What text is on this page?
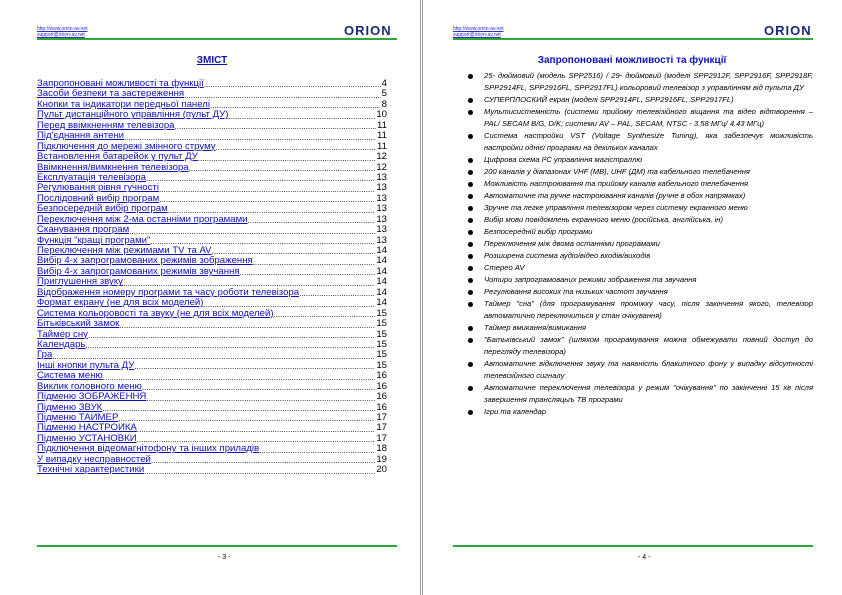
http://www.orion-av.net
support@orion-av.net	ORION
ЗМІСТ
Запропоновані можливості та функції .....	4
Засоби безпеки та застереження .....	5
Кнопки та індикатори передньої панелі .....	8
Пульт дистанційного управління (пульт ДУ) .....	10
Перед ввімкненням телевізора .....	11
Під'єднання антени .....	11
Підключення до мережі змінного струму .....	11
Встановлення батарейок у пульт ДУ .....	12
Ввімкнення/вимкнення телевізора .....	12
Експлуатація телевізора .....	13
Регулювання рівня гучності .....	13
Послідовний вибір програм .....	13
Безпосередній вибір програм .....	13
Переключення між 2-ма останніми програмами .....	13
Сканування програм .....	13
Функція "кращі програми" .....	13
Переключення між режимами TV та AV .....	14
Вибір 4-х запрограмованих режимів зображення .....	14
Вибір 4-х запрограмованих режимів звучання .....	14
Приглушення звуку .....	14
Відображення номеру програми та часу роботи телевізора .....	14
Формат екрану (не для всіх моделей) .....	14
Система кольоровості та звуку (не для всіх моделей) .....	15
Бітьківський замок .....	15
Таймер сну .....	15
Календарь .....	15
Гра .....	15
Інші кнопки пульта ДУ .....	15
Система меню .....	16
Виклик головного меню .....	16
Підменю ЗОБРАЖЕННЯ .....	16
Підменю ЗВУК .....	16
Підменю ТАЙМЕР .....	17
Підменю НАСТРОЙКА .....	17
Підменю УСТАНОВКИ .....	17
Підключення відеомагнітофону та інших приладів .....	18
У випадку несправностей .....	19
Технічні характеристики .....	20
- 3 -
http://www.orion-av.net
support@orion-av.net	ORION
Запропоновані можливості та функції
25- дюймовий (модель SPP2516) / 29- дюймовий (моделі SPP2912F, SPP2916F, SPP2918F, SPP2914FL, SPP2916FL, SPP2917FL) кольоровий телевізор з управлінням від пульта ДУ
СУПЕРПЛОСКИЙ екран (моделі SPP2914FL, SPP2916FL, SPP2917FL)
Мультисистемність (системи прийому телевізійного віщання та відео відтворення – PAL/ SECAM B/G, D/K; системи AV – PAL, SECAM, NTSC - 3.58 МГц/ 4.43 МГц)
Система настройки VST (Voltage Synthesize Tuning), яка забезпечує можливість настройки однієї програми на декількох каналах
Цифрова схема I²C управління магістраллю
200 каналів у діапазонах VHF (МВ), UHF (ДМ) та кабельного телебачення
Можливість настроювання та прийому каналів кабельного телебачення
Автоматичне та ручне настроювання каналів (ручне в обох напрямках)
Зручне та легке управління телевізором через систему екранного меню
Вибір мови повідомлень екранного меню (російська, англійська, ін)
Безпосередній вибір програми
Переключення між двома останніми програмами
Розширена система аудіо/відео входів/виходів
Стерео AV
Чотири запрограмованих режими зображення та звучання
Регулювання високих та низьких частот звучання
Таймер "сна" (для програмування проміжку часу, після закінчення якого, телевізор автоматично переключиться у стан очікування)
Таймер вмикання/вимикання
"Батьківський замок" (шляхом програмування можна обмежувати повний доступ до перегляду телевізора)
Автоматичне відключення звуку та наявність блакитного фону у випадку відсутності телевізійного сигналу
Автоматичне переключення телевізора у режим "очікування" по закінченні 15 хв після завершення трансляцыъ ТВ програми
Ігри та календар
- 4 -
